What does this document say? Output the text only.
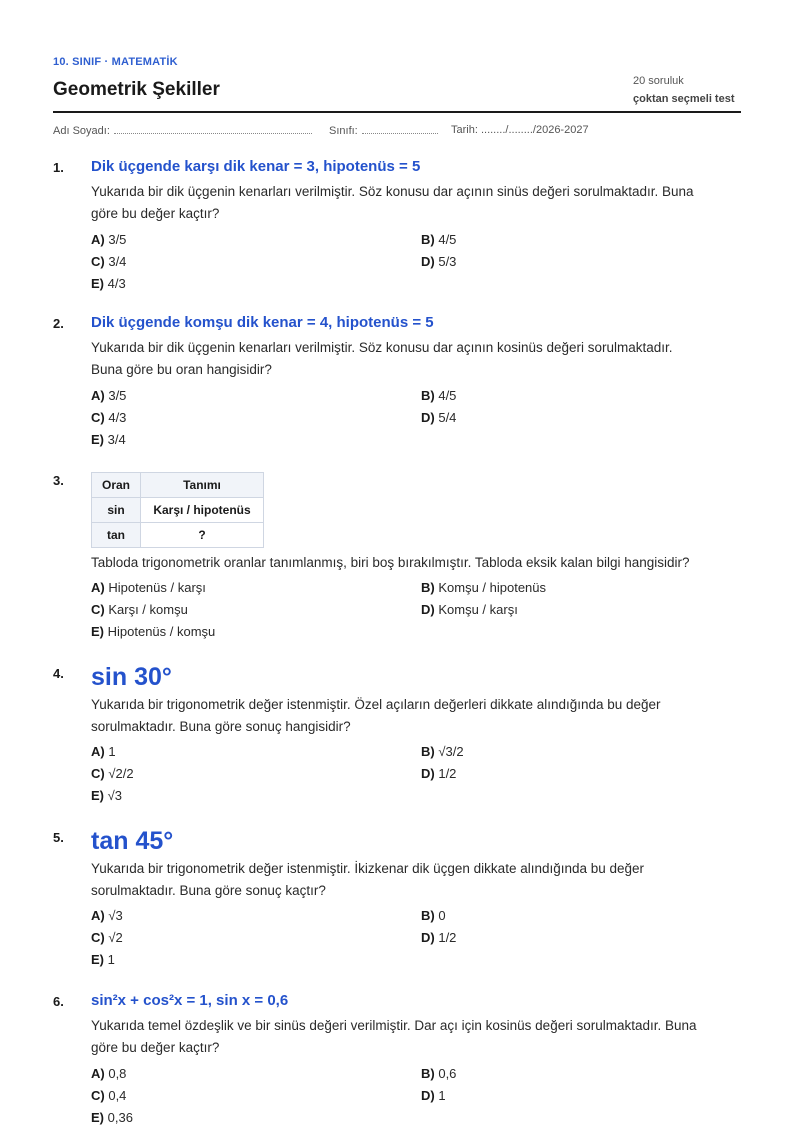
10. SINIF · MATEMATİK
Geometrik Şekiller	20 soruluk
çoktan seçmeli test
Adı Soyadı:	Sınıfı:	Tarih: ......../......../2026-2027
1. Dik üçgende karşı dik kenar = 3, hipotenüs = 5
Yukarıda bir dik üçgenin kenarları verilmiştir. Söz konusu dar açının sinüs değeri sorulmaktadır. Buna
göre bu değer kaçtır?
A) 3/5	B) 4/5
C) 3/4	D) 5/3
E) 4/3
2. Dik üçgende komşu dik kenar = 4, hipotenüs = 5
Yukarıda bir dik üçgenin kenarları verilmiştir. Söz konusu dar açının kosinüs değeri sorulmaktadır.
Buna göre bu oran hangisidir?
A) 3/5	B) 4/5
C) 4/3	D) 5/4
E) 3/4
3.	Oran	Tanımı
sin	Karşı / hipotenüs
tan	?
Tabloda trigonometrik oranlar tanımlanmış, biri boş bırakılmıştır. Tabloda eksik kalan bilgi hangisidir?
A) Hipotenüs / karşı	B) Komşu / hipotenüs
C) Karşı / komşu	D) Komşu / karşı
E) Hipotenüs / komşu
4. sin 30°
Yukarıda bir trigonometrik değer istenmiştir. Özel açıların değerleri dikkate alındığında bu değer
sorulmaktadır. Buna göre sonuç hangisidir?
A) 1	B) √3/2
C) √2/2	D) 1/2
E) √3
5. tan 45°
Yukarıda bir trigonometrik değer istenmiştir. İkizkenar dik üçgen dikkate alındığında bu değer
sorulmaktadır. Buna göre sonuç kaçtır?
A) √3	B) 0
C) √2	D) 1/2
E) 1
6. sin²x + cos²x = 1, sin x = 0,6
Yukarıda temel özdeşlik ve bir sinüs değeri verilmiştir. Dar açı için kosinüs değeri sorulmaktadır. Buna
göre bu değer kaçtır?
A) 0,8	B) 0,6
C) 0,4	D) 1
E) 0,36
